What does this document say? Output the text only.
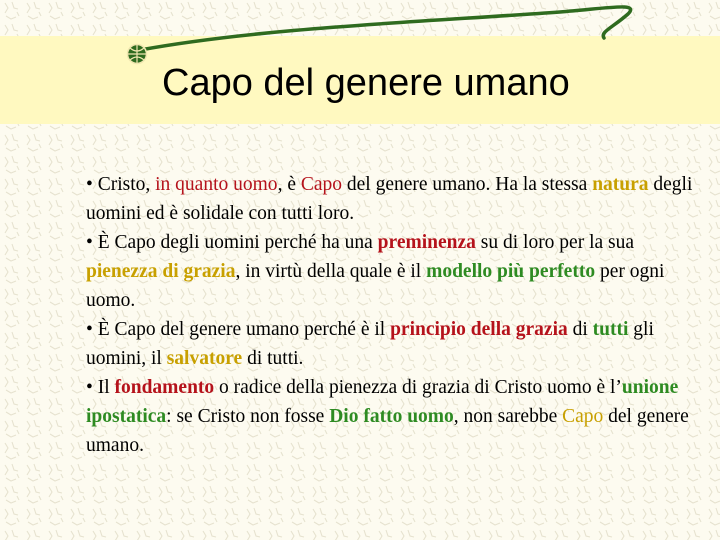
Capo del genere umano

• Cristo, in quanto uomo, è Capo del genere umano. Ha la stessa natura degli uomini ed è solidale con tutti loro.

• È Capo degli uomini perché ha una preminenza su di loro per la sua pienezza di grazia, in virtù della quale è il modello più perfetto per ogni uomo.

• È Capo del genere umano perché è il principio della grazia di tutti gli uomini, il salvatore di tutti.

• Il fondamento o radice della pienezza di grazia di Cristo uomo è l’unione ipostatica: se Cristo non fosse Dio fatto uomo, non sarebbe Capo del genere umano.
